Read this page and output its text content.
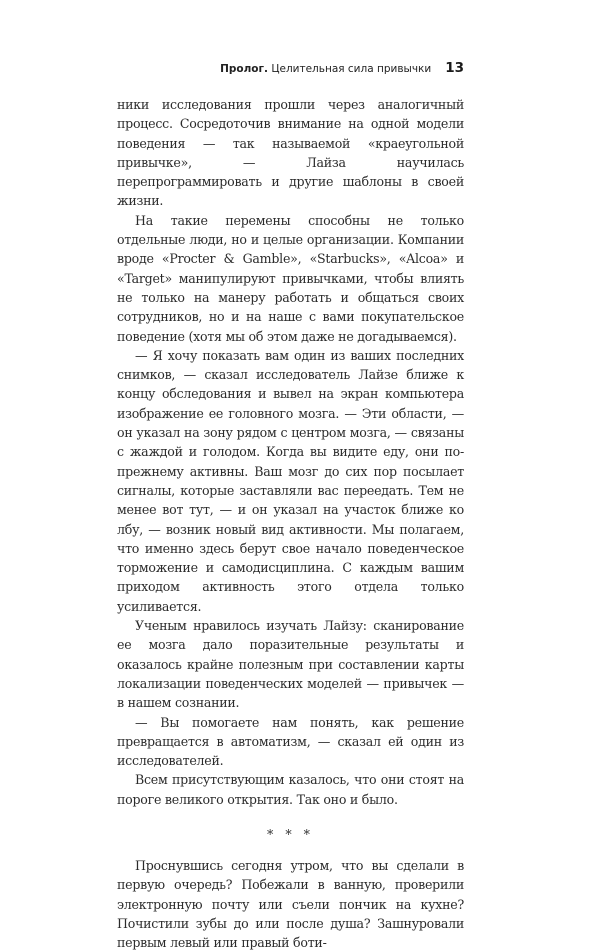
Пролог. Целительная сила привычки 13

ники исследования прошли через аналогичный процесс. Сосредоточив внимание на одной модели поведения — так называемой «краеугольной привычке», — Лайза научилась перепрограммировать и другие шаблоны в своей жизни.

На такие перемены способны не только отдельные люди, но и целые организации. Компании вроде «Procter & Gamble», «Starbucks», «Alcoa» и «Target» манипулируют привычками, чтобы влиять не только на манеру работать и общаться своих сотрудников, но и на наше с вами покупательское поведение (хотя мы об этом даже не догадываемся).

— Я хочу показать вам один из ваших последних снимков, — сказал исследователь Лайзе ближе к концу обследования и вывел на экран компьютера изображение ее головного мозга. — Эти области, — он указал на зону рядом с центром мозга, — связаны с жаждой и голодом. Когда вы видите еду, они по-прежнему активны. Ваш мозг до сих пор посылает сигналы, которые заставляли вас переедать. Тем не менее вот тут, — и он указал на участок ближе ко лбу, — возник новый вид активности. Мы полагаем, что именно здесь берут свое начало поведенческое торможение и самодисциплина. С каждым вашим приходом активность этого отдела только усиливается.

Ученым нравилось изучать Лайзу: сканирование ее мозга дало поразительные результаты и оказалось крайне полезным при составлении карты локализации поведенческих моделей — привычек — в нашем сознании.

— Вы помогаете нам понять, как решение превращается в автоматизм, — сказал ей один из исследователей.

Всем присутствующим казалось, что они стоят на пороге великого открытия. Так оно и было.

* * *

Проснувшись сегодня утром, что вы сделали в первую очередь? Побежали в ванную, проверили электронную почту или съели пончик на кухне? Почистили зубы до или после душа? Зашнуровали первым левый или правый боти-
